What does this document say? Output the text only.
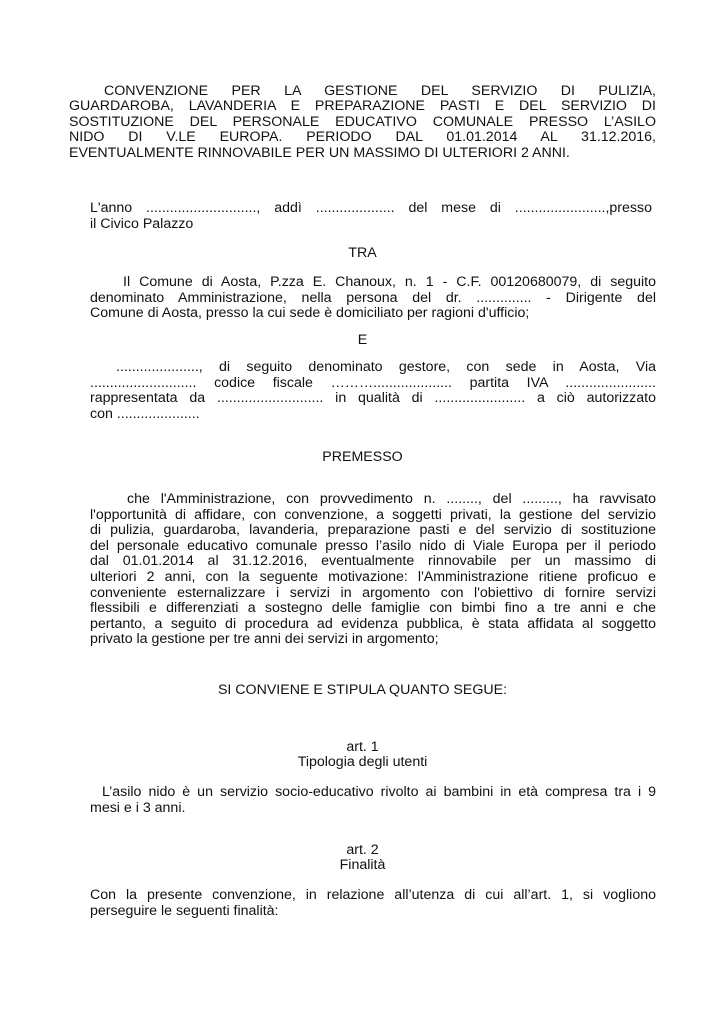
CONVENZIONE PER LA GESTIONE DEL SERVIZIO DI PULIZIA,
GUARDAROBA, LAVANDERIA E PREPARAZIONE PASTI E DEL SERVIZIO DI
SOSTITUZIONE DEL PERSONALE EDUCATIVO COMUNALE PRESSO L’ASILO
NIDO DI V.LE EUROPA. PERIODO DAL 01.01.2014 AL 31.12.2016,
EVENTUALMENTE RINNOVABILE PER UN MASSIMO DI ULTERIORI 2 ANNI.
L'anno ............................, addì .................... del mese di .......................,presso
il Civico Palazzo
TRA
Il Comune di Aosta, P.zza E. Chanoux, n. 1 - C.F. 00120680079, di seguito
denominato Amministrazione, nella persona del dr. .............. - Dirigente del
Comune di Aosta, presso la cui sede è domiciliato per ragioni d'ufficio;
E
....................., di seguito denominato gestore, con sede in Aosta, Via
........................... codice fiscale ……….................... partita IVA .......................
rappresentata da ........................... in qualità di ....................... a ciò autorizzato
con .....................
PREMESSO
che l'Amministrazione, con provvedimento n. ........, del ........., ha ravvisato
l'opportunità di affidare, con convenzione, a soggetti privati, la gestione del servizio
di pulizia, guardaroba, lavanderia, preparazione pasti e del servizio di sostituzione
del personale educativo comunale presso l’asilo nido di Viale Europa per il periodo
dal 01.01.2014 al 31.12.2016, eventualmente rinnovabile per un massimo di
ulteriori 2 anni, con la seguente motivazione: l'Amministrazione ritiene proficuo e
conveniente esternalizzare i servizi in argomento con l'obiettivo di fornire servizi
flessibili e differenziati a sostegno delle famiglie con bimbi fino a tre anni e che
pertanto, a seguito di procedura ad evidenza pubblica, è stata affidata al soggetto
privato la gestione per tre anni dei servizi in argomento;
SI CONVIENE E STIPULA QUANTO SEGUE:
art. 1
Tipologia degli utenti
L’asilo nido è un servizio socio-educativo rivolto ai bambini in età compresa tra i 9
mesi e i 3 anni.
art. 2
Finalità
Con la presente convenzione, in relazione all’utenza di cui all’art. 1, si vogliono
perseguire le seguenti finalità:
